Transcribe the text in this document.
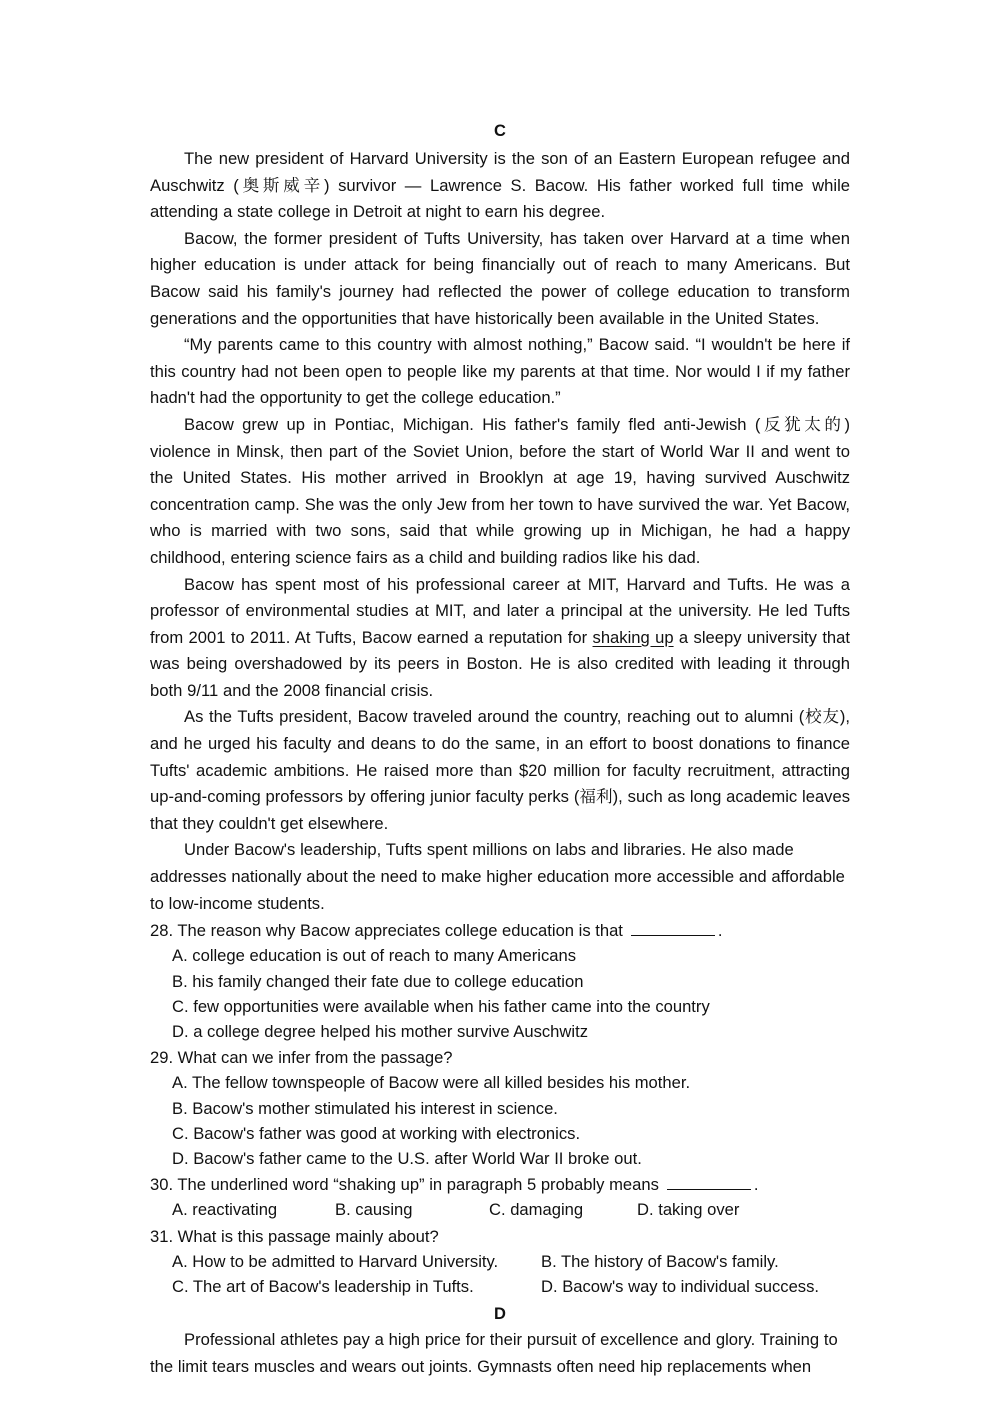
C

The new president of Harvard University is the son of an Eastern European refugee and Auschwitz (奥斯威辛) survivor — Lawrence S. Bacow. His father worked full time while attending a state college in Detroit at night to earn his degree.

Bacow, the former president of Tufts University, has taken over Harvard at a time when higher education is under attack for being financially out of reach to many Americans. But Bacow said his family's journey had reflected the power of college education to transform generations and the opportunities that have historically been available in the United States.

“My parents came to this country with almost nothing,” Bacow said. “I wouldn't be here if this country had not been open to people like my parents at that time. Nor would I if my father hadn't had the opportunity to get the college education.”

Bacow grew up in Pontiac, Michigan. His father's family fled anti-Jewish (反犹太的) violence in Minsk, then part of the Soviet Union, before the start of World War II and went to the United States. His mother arrived in Brooklyn at age 19, having survived Auschwitz concentration camp. She was the only Jew from her town to have survived the war. Yet Bacow, who is married with two sons, said that while growing up in Michigan, he had a happy childhood, entering science fairs as a child and building radios like his dad.

Bacow has spent most of his professional career at MIT, Harvard and Tufts. He was a professor of environmental studies at MIT, and later a principal at the university. He led Tufts from 2001 to 2011. At Tufts, Bacow earned a reputation for shaking up a sleepy university that was being overshadowed by its peers in Boston. He is also credited with leading it through both 9/11 and the 2008 financial crisis.

As the Tufts president, Bacow traveled around the country, reaching out to alumni (校友), and he urged his faculty and deans to do the same, in an effort to boost donations to finance Tufts' academic ambitions. He raised more than $20 million for faculty recruitment, attracting up-and-coming professors by offering junior faculty perks (福利), such as long academic leaves that they couldn't get elsewhere.

Under Bacow's leadership, Tufts spent millions on labs and libraries. He also made addresses nationally about the need to make higher education more accessible and affordable to low-income students.

28. The reason why Bacow appreciates college education is that	.
A. college education is out of reach to many Americans
B. his family changed their fate due to college education
C. few opportunities were available when his father came into the country
D. a college degree helped his mother survive Auschwitz
29. What can we infer from the passage?
A. The fellow townspeople of Bacow were all killed besides his mother.
B. Bacow's mother stimulated his interest in science.
C. Bacow's father was good at working with electronics.
D. Bacow's father came to the U.S. after World War II broke out.
30. The underlined word “shaking up” in paragraph 5 probably means	.
A. reactivating	B. causing	C. damaging	D. taking over
31. What is this passage mainly about?
A. How to be admitted to Harvard University.	B. The history of Bacow's family.
C. The art of Bacow's leadership in Tufts.	D. Bacow's way to individual success.
D

Professional athletes pay a high price for their pursuit of excellence and glory. Training to the limit tears muscles and wears out joints. Gymnasts often need hip replacements when
